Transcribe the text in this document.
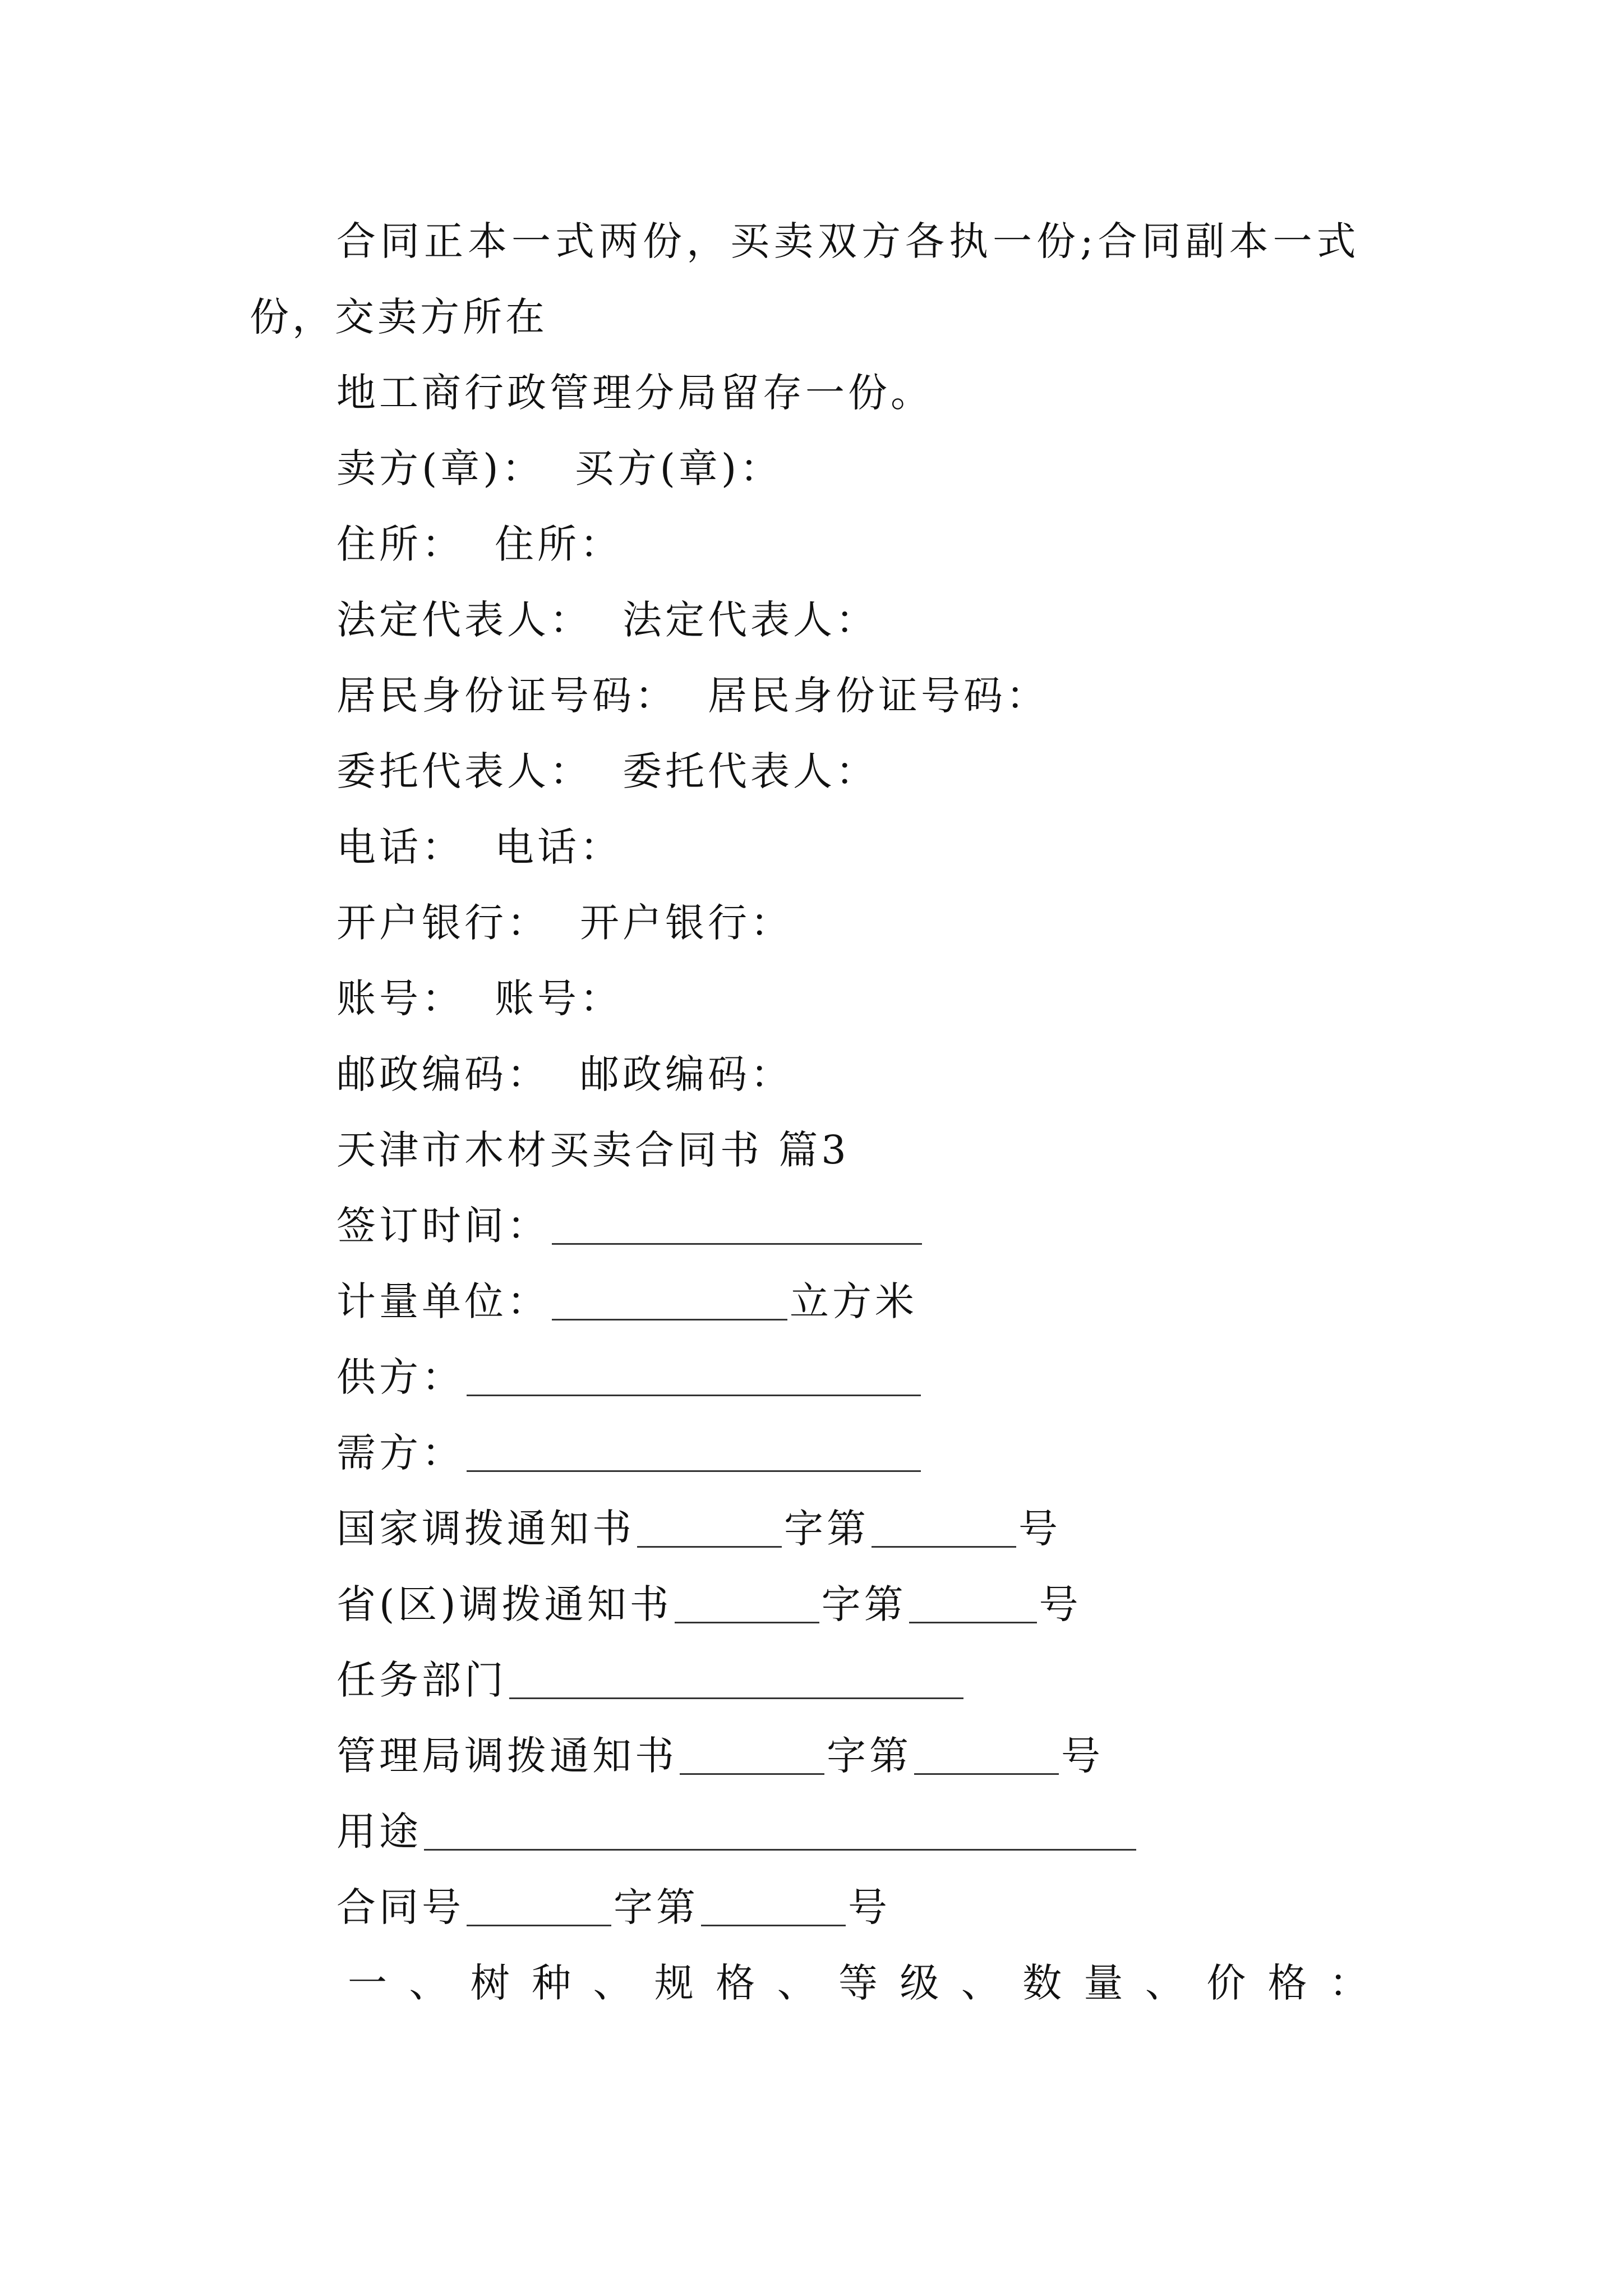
合同正本一式两份，买卖双方各执一份;合同副本一式
份，交卖方所在
地工商行政管理分局留存一份。
卖方(章)： 买方(章)：
住所： 住所：
法定代表人： 法定代表人：
居民身份证号码： 居民身份证号码：
委托代表人： 委托代表人：
电话： 电话：
开户银行： 开户银行：
账号： 账号：
邮政编码： 邮政编码：
天津市木材买卖合同书 篇3
签订时间：
计量单位：	立方米
供方：
需方：
国家调拨通知书	字第	号
省(区)调拨通知书	字第	号
任务部门
管理局调拨通知书	字第	号
用途
合同号	字第	号
一 、 树 种 、 规 格 、 等 级 、 数 量 、 价 格 ：
